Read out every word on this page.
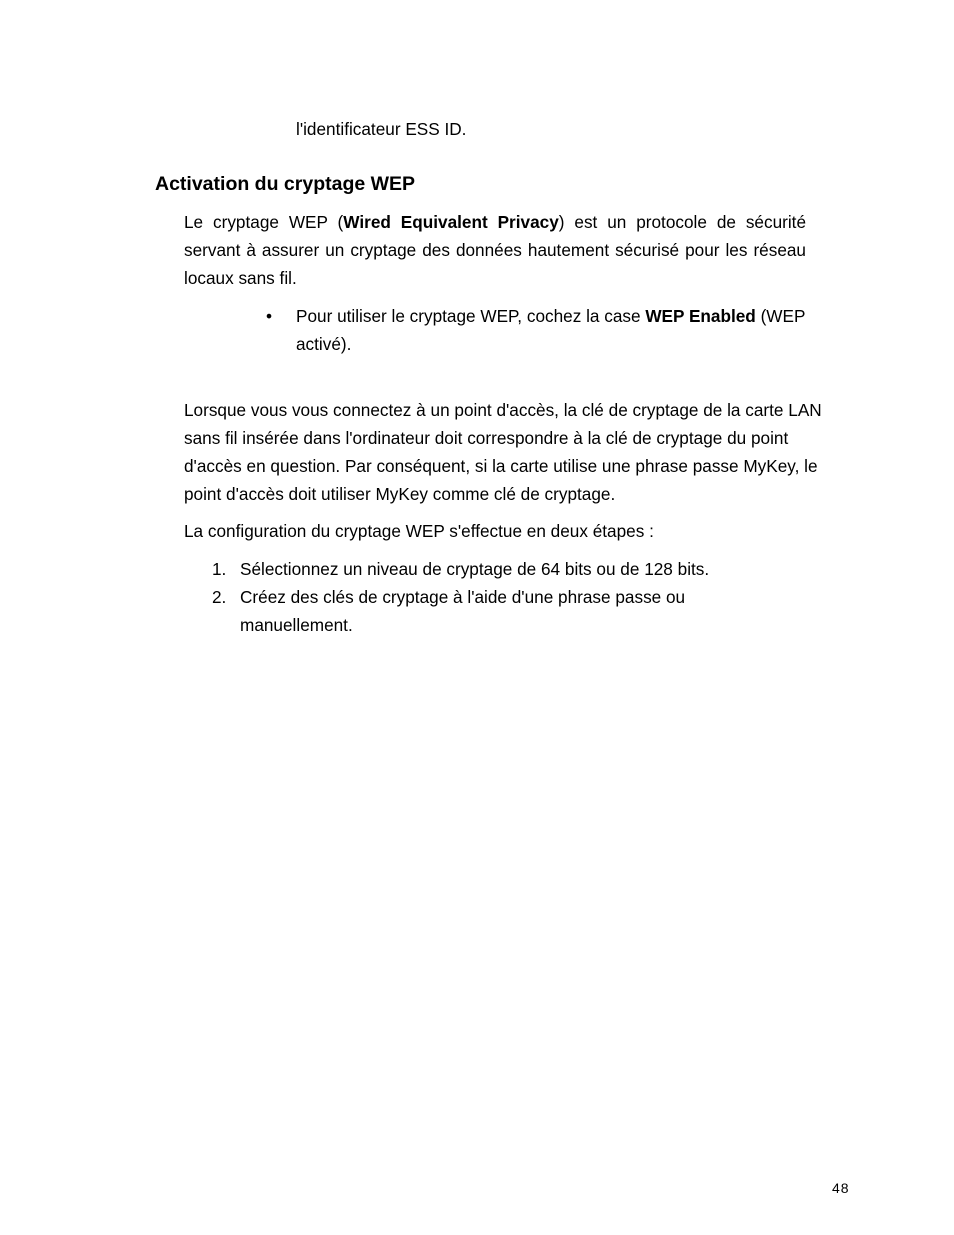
l'identificateur ESS ID.
Activation du cryptage WEP
Le cryptage WEP (Wired Equivalent Privacy) est un protocole de sécurité servant à assurer un cryptage des données hautement sécurisé pour les réseau locaux sans fil.
• Pour utiliser le cryptage WEP, cochez la case WEP Enabled (WEP activé).
Lorsque vous vous connectez à un point d'accès, la clé de cryptage de la carte LAN sans fil insérée dans l'ordinateur doit correspondre à la clé de cryptage du point d'accès en question. Par conséquent, si la carte utilise une phrase passe MyKey, le point d'accès doit utiliser MyKey comme clé de cryptage.
La configuration du cryptage WEP s'effectue en deux étapes :
1. Sélectionnez un niveau de cryptage de 64 bits ou de 128 bits.
2. Créez des clés de cryptage à l'aide d'une phrase passe ou manuellement.
48
